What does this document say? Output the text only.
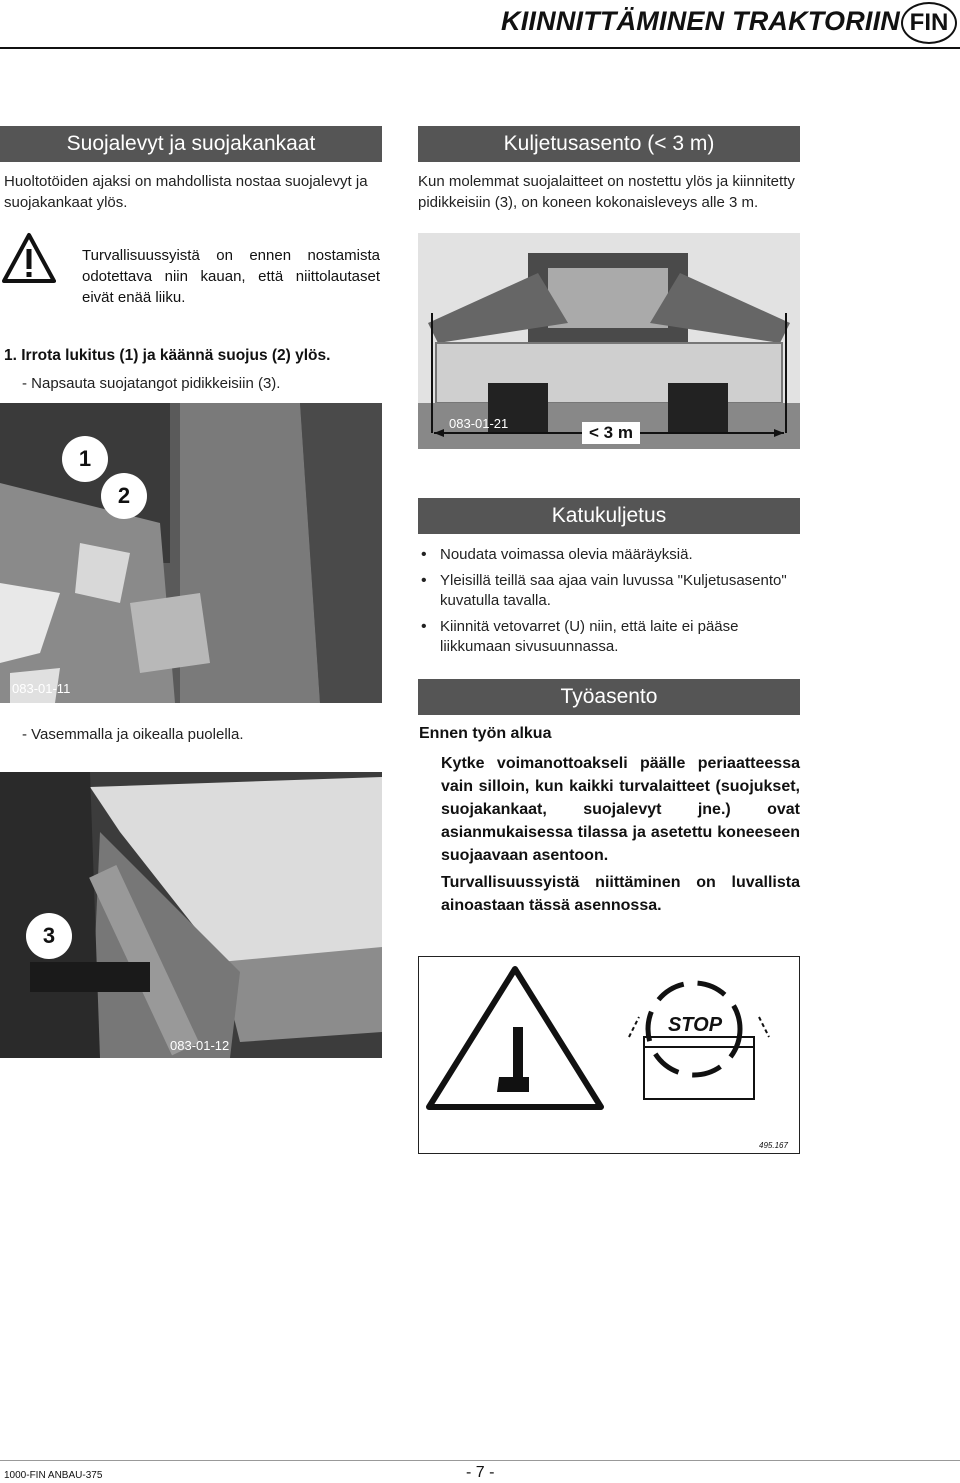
KIINNITTÄMINEN TRAKTORIIN FIN
Suojalevyt ja suojakankaat
Huoltotöiden ajaksi on mahdollista nostaa suojalevyt ja suojakankaat ylös.
Turvallisuussyistä on ennen nostamista odotettava niin kauan, että niittolautaset eivät enää liiku.
1. Irrota lukitus (1) ja käännä suojus (2) ylös.
- Napsauta suojatangot pidikkeisiin (3).
1
2
083-01-11
- Vasemmalla ja oikealla puolella.
3
083-01-12
Kuljetusasento (< 3 m)
Kun molemmat suojalaitteet on nostettu ylös ja kiinnitetty pidikkeisiin (3), on koneen kokonaisleveys alle 3 m.
083-01-21	< 3 m
Katukuljetus
• Noudata voimassa olevia määräyksiä.
• Yleisillä teillä saa ajaa vain luvussa "Kuljetusasento" kuvatulla tavalla.
• Kiinnitä vetovarret (U) niin, että laite ei pääse liikkumaan sivusuunnassa.
Työasento
Ennen työn alkua
Kytke voimanottoakseli päälle periaatteessa vain silloin, kun kaikki turvalaitteet (suojukset, suojakankaat, suojalevyt jne.) ovat asianmukaisessa tilassa ja asetettu koneeseen suojaavaan asentoon.
Turvallisuussyistä niittäminen on luvallista ainoastaan tässä asennossa.
STOP
495.167
1000-FIN ANBAU-375	- 7 -
